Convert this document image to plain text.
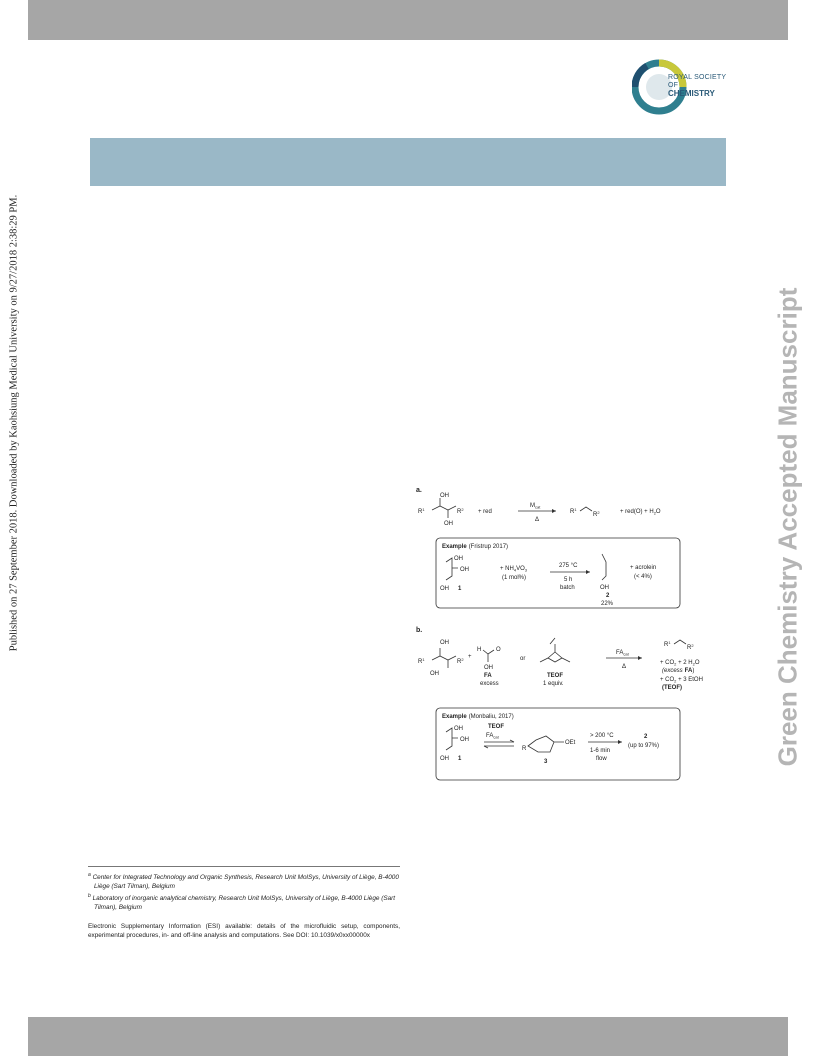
ROYAL SOCIETY
OF
CHEMISTRY
Published on 27 September 2018. Downloaded by Kaohsiung Medical University on 9/27/2018 2:38:29 PM.	Green Chemistry Accepted Manuscript
a.
OH
OH
$R^1$	$R^2$ + red
$M_{cat}$
Δ
$R^1$
$R^2$	+ $red(O) + H_2O$
Example (Fristrup 2017)
OH
OH
OH 1
+ $NH_4VO_3$
(1 mol%)
275 °C
5 h
batch	OH
2
22%
+ acrolein
(< 4%)
b.
OH
OH
$R^1$	$R^2$ +
H O
OH
FA
excess
or
TEOF
1 equiv.
$FA_{cat}$
Δ
$R^1$
$R^2$
+ $CO_2 + 2$ $H_2O$
(excess FA)
+ $CO_2 + 3$ EtOH
(TEOF)
Example (Monbaliu, 2017)
OH
OH
OH 1
TEOF
$FA_{cat}$
R
OEt
3
> 200 °C
1-6 min
flow
2
(up to 97%)
$^a$ Center for Integrated Technology and Organic Synthesis, Research Unit MolSys, University of Liège, B-4000 Liège (Sart Tilman), Belgium
$^b$ Laboratory of inorganic analytical chemistry, Research Unit MolSys, University of Liège, B-4000 Liège (Sart Tilman), Belgium
Electronic Supplementary Information (ESI) available: details of the microfluidic setup, components, experimental procedures, in- and off-line analysis and computations. See DOI: 10.1039/x0xx00000x
